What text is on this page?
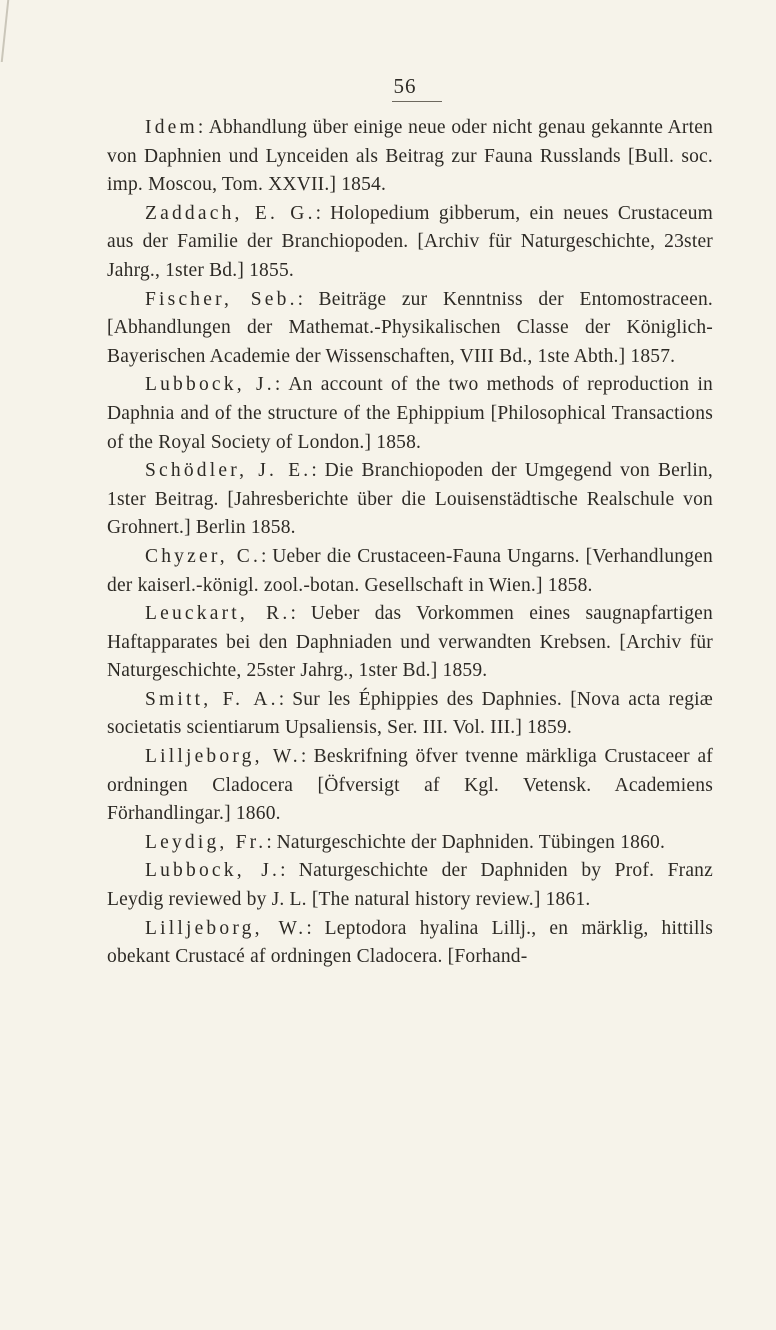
56

Idem: Abhandlung über einige neue oder nicht genau gekannte Arten von Daphnien und Lynceiden als Beitrag zur Fauna Russlands [Bull. soc. imp. Moscou, Tom. XXVII.] 1854.

Zaddach, E. G.: Holopedium gibberum, ein neues Crustaceum aus der Familie der Branchiopoden. [Archiv für Naturgeschichte, 23ster Jahrg., 1ster Bd.] 1855.

Fischer, Seb.: Beiträge zur Kenntniss der Entomostraceen. [Abhandlungen der Mathemat.-Physikalischen Classe der Königlich-Bayerischen Academie der Wissenschaften, VIII Bd., 1ste Abth.] 1857.

Lubbock, J.: An account of the two methods of reproduction in Daphnia and of the structure of the Ephippium [Philosophical Transactions of the Royal Society of London.] 1858.

Schödler, J. E.: Die Branchiopoden der Umgegend von Berlin, 1ster Beitrag. [Jahresberichte über die Louisenstädtische Realschule von Grohnert.] Berlin 1858.

Chyzer, C.: Ueber die Crustaceen-Fauna Ungarns. [Verhandlungen der kaiserl.-königl. zool.-botan. Gesellschaft in Wien.] 1858.

Leuckart, R.: Ueber das Vorkommen eines saugnapfartigen Haftapparates bei den Daphniaden und verwandten Krebsen. [Archiv für Naturgeschichte, 25ster Jahrg., 1ster Bd.] 1859.

Smitt, F. A.: Sur les Éphippies des Daphnies. [Nova acta regiæ societatis scientiarum Upsaliensis, Ser. III. Vol. III.] 1859.

Lilljeborg, W.: Beskrifning öfver tvenne märkliga Crustaceer af ordningen Cladocera [Öfversigt af Kgl. Vetensk. Academiens Förhandlingar.] 1860.

Leydig, Fr.: Naturgeschichte der Daphniden. Tübingen 1860.

Lubbock, J.: Naturgeschichte der Daphniden by Prof. Franz Leydig reviewed by J. L. [The natural history review.] 1861.

Lilljeborg, W.: Leptodora hyalina Lillj., en märklig, hittills obekant Crustacé af ordningen Cladocera. [Forhand-
